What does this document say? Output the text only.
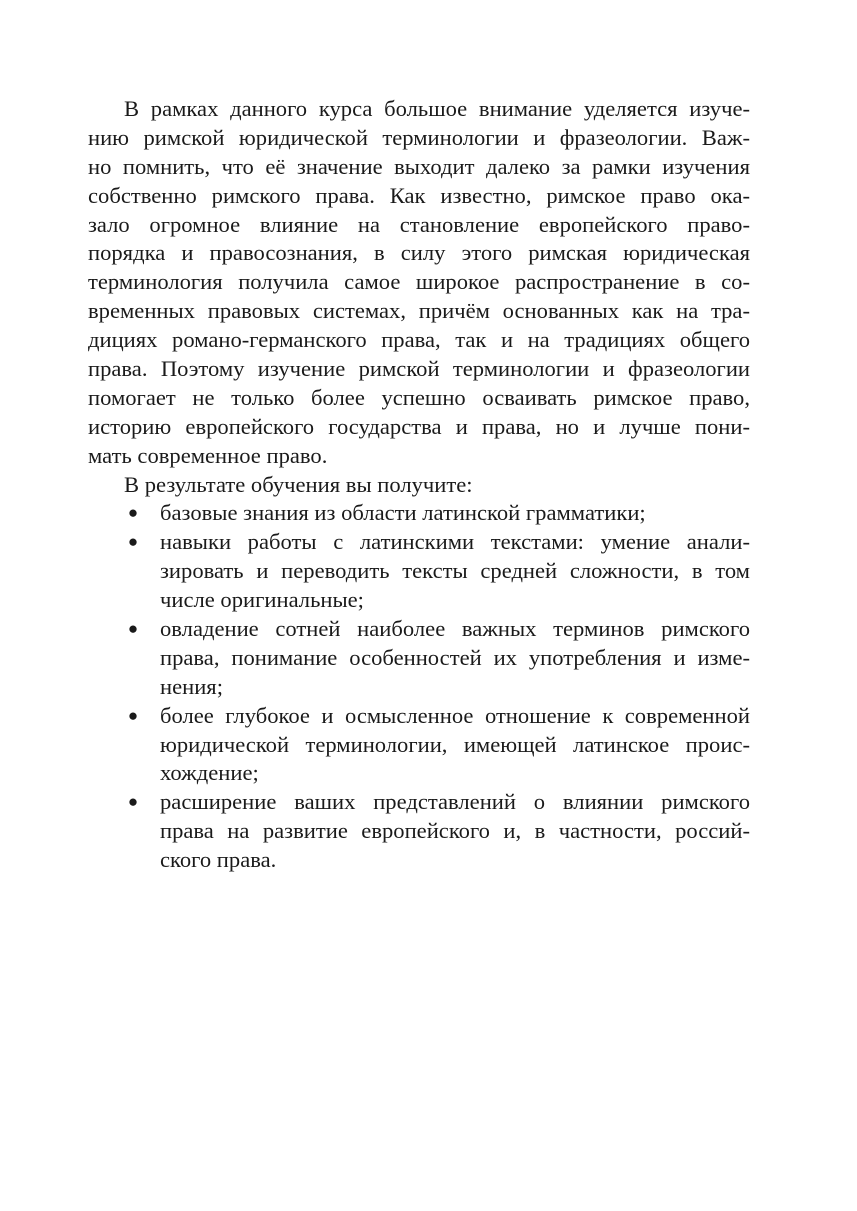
В рамках данного курса большое внимание уделяется изуче-
нию римской юридической терминологии и фразеологии. Важ-
но помнить, что её значение выходит далеко за рамки изучения
собственно римского права. Как известно, римское право ока-
зало огромное влияние на становление европейского право-
порядка и правосознания, в силу этого римская юридическая
терминология получила самое широкое распространение в со-
временных правовых системах, причём основанных как на тра-
дициях романо-германского права, так и на традициях общего
права. Поэтому изучение римской терминологии и фразеологии
помогает не только более успешно осваивать римское право,
историю европейского государства и права, но и лучше пони-
мать современное право.
В результате обучения вы получите:
● базовые знания из области латинской грамматики;
● навыки работы с латинскими текстами: умение анали-
зировать и переводить тексты средней сложности, в том
числе оригинальные;
● овладение сотней наиболее важных терминов римского
права, понимание особенностей их употребления и изме-
нения;
● более глубокое и осмысленное отношение к современной
юридической терминологии, имеющей латинское проис-
хождение;
● расширение ваших представлений о влиянии римского
права на развитие европейского и, в частности, россий-
ского права.
